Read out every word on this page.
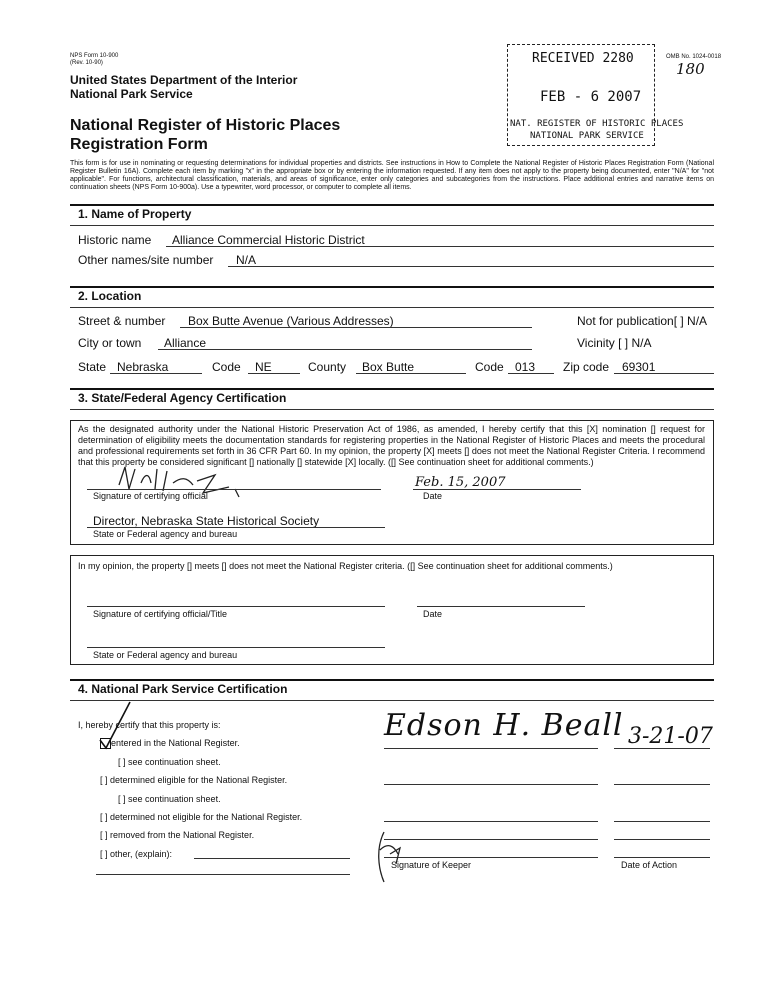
NPS Form 10-900
(Rev. 10-90)
OMB No. 1024-0018
180
United States Department of the Interior
National Park Service
National Register of Historic Places
Registration Form
RECEIVED 2280
FEB - 6 2007
NAT. REGISTER OF HISTORIC PLACES
NATIONAL PARK SERVICE
This form is for use in nominating or requesting determinations for individual properties and districts. See instructions in How to Complete the National Register of Historic Places Registration Form (National Register Bulletin 16A). Complete each item by marking "x" in the appropriate box or by entering the information requested. If any item does not apply to the property being documented, enter "N/A" for "not applicable". For functions, architectural classification, materials, and areas of significance, enter only categories and subcategories from the instructions. Place additional entries and narrative items on continuation sheets (NPS Form 10-900a). Use a typewriter, word processor, or computer to complete all items.
1. Name of Property
Historic name Alliance Commercial Historic District
Other names/site number N/A
2. Location
Street & number Box Butte Avenue (Various Addresses)	Not for publication[ ] N/A
City or town Alliance	Vicinity [ ] N/A
State Nebraska	Code NE	County Box Butte	Code 013 Zip code 69301
3. State/Federal Agency Certification
As the designated authority under the National Historic Preservation Act of 1986, as amended, I hereby certify that this [X] nomination [] request for determination of eligibility meets the documentation standards for registering properties in the National Register of Historic Places and meets the procedural and professional requirements set forth in 36 CFR Part 60. In my opinion, the property [X] meets [] does not meet the National Register Criteria. I recommend that this property be considered significant [] nationally [] statewide [X] locally. ([] See continuation sheet for additional comments.)
Signature of certifying official
Feb. 15, 2007
Date
Director, Nebraska State Historical Society
State or Federal agency and bureau
In my opinion, the property [] meets [] does not meet the National Register criteria. ([] See continuation sheet for additional comments.)
Signature of certifying official/Title	Date
State or Federal agency and bureau
4. National Park Service Certification
I, hereby certify that this property is:
entered in the National Register.
[ ] see continuation sheet.
[ ] determined eligible for the National Register.
[ ] see continuation sheet.
[ ] determined not eligible for the National Register.
[ ] removed from the National Register.
[ ] other, (explain):
Edson H. Beall 3-21-07
Signature of Keeper	Date of Action
